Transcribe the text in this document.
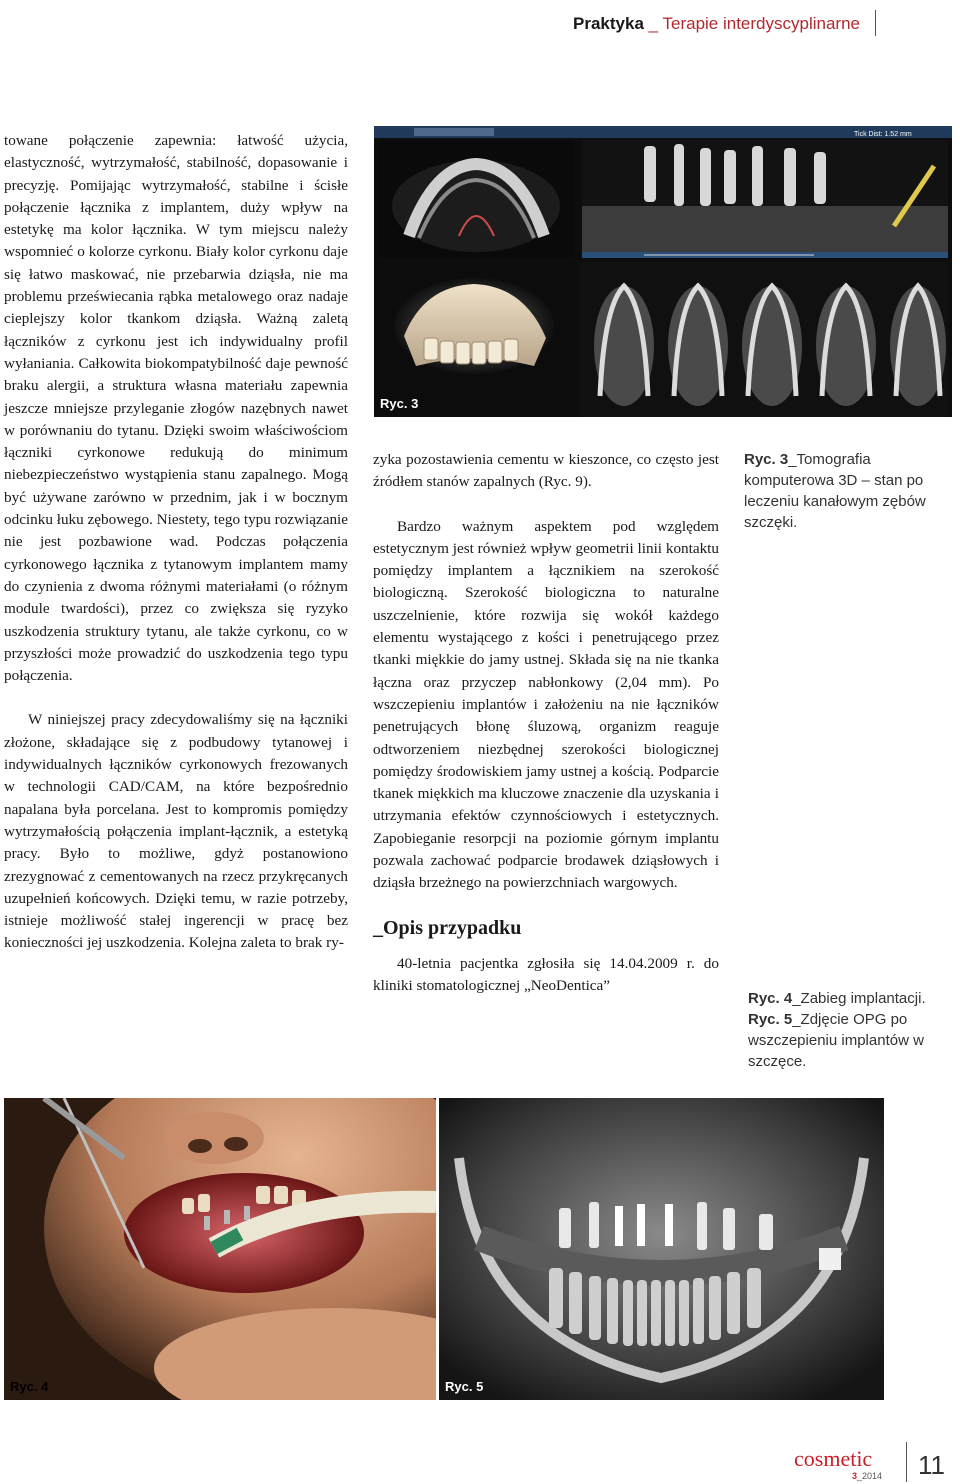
Praktyka _ Terapie interdyscyplinarne

towane połączenie zapewnia: łatwość użycia, elastyczność, wytrzymałość, stabilność, dopasowanie i precyzję. Pomijając wytrzymałość, stabilne i ścisłe połączenie łącznika z implantem, duży wpływ na estetykę ma kolor łącznika. W tym miejscu należy wspomnieć o kolorze cyrkonu. Biały kolor cyrkonu daje się łatwo maskować, nie przebarwia dziąsła, nie ma problemu przeświecania rąbka metalowego oraz nadaje cieplejszy kolor tkankom dziąsła. Ważną zaletą łączników z cyrkonu jest ich indywidualny profil wyłaniania. Całkowita biokompatybilność daje pewność braku alergii, a struktura własna materiału zapewnia jeszcze mniejsze przyleganie złogów nazębnych nawet w porównaniu do tytanu. Dzięki swoim właściwościom łączniki cyrkonowe redukują do minimum niebezpieczeństwo wystąpienia stanu zapalnego. Mogą być używane zarówno w przednim, jak i w bocznym odcinku łuku zębowego. Niestety, tego typu rozwiązanie nie jest pozbawione wad. Podczas połączenia cyrkonowego łącznika z tytanowym implantem mamy do czynienia z dwoma różnymi materiałami (o różnym module twardości), przez co zwiększa się ryzyko uszkodzenia struktury tytanu, ale także cyrkonu, co w przyszłości może prowadzić do uszkodzenia tego typu połączenia.

W niniejszej pracy zdecydowaliśmy się na łączniki złożone, składające się z podbudowy tytanowej i indywidualnych łączników cyrkonowych frezowanych w technologii CAD/CAM, na które bezpośrednio napalana była porcelana. Jest to kompromis pomiędzy wytrzymałością połączenia implant-łącznik, a estetyką pracy. Było to możliwe, gdyż postanowiono zrezygnować z cementowanych na rzecz przykręcanych uzupełnień końcowych. Dzięki temu, w razie potrzeby, istnieje możliwość stałej ingerencji w pracę bez konieczności jej uszkodzenia. Kolejna zaleta to brak ry-

Tick Dist: 1.52 mm
Ryc. 3

zyka pozostawienia cementu w kieszonce, co często jest źródłem stanów zapalnych (Ryc. 9).

Bardzo ważnym aspektem pod względem estetycznym jest również wpływ geometrii linii kontaktu pomiędzy implantem a łącznikiem na szerokość biologiczną. Szerokość biologiczna to naturalne uszczelnienie, które rozwija się wokół każdego elementu wystającego z kości i penetrującego przez tkanki miękkie do jamy ustnej. Składa się na nie tkanka łączna oraz przyczep nabłonkowy (2,04 mm). Po wszczepieniu implantów i założeniu na nie łączników penetrujących błonę śluzową, organizm reaguje odtworzeniem niezbędnej szerokości biologicznej pomiędzy środowiskiem jamy ustnej a kością. Podparcie tkanek miękkich ma kluczowe znaczenie dla uzyskania i utrzymania efektów czynnościowych i estetycznych. Zapobieganie resorpcji na poziomie górnym implantu pozwala zachować podparcie brodawek dziąsłowych i dziąsła brzeżnego na powierzchniach wargowych.

_Opis przypadku

40-letnia pacjentka zgłosiła się 14.04.2009 r. do kliniki stomatologicznej „NeoDentica”

Ryc. 3_Tomografia komputerowa 3D – stan po leczeniu kanałowym zębów szczęki.
Ryc. 4_Zabieg implantacji.
Ryc. 5_Zdjęcie OPG po wszczepieniu implantów w szczęce.
Ryc. 4	Ryc. 5
cosmetic
3_2014 11
